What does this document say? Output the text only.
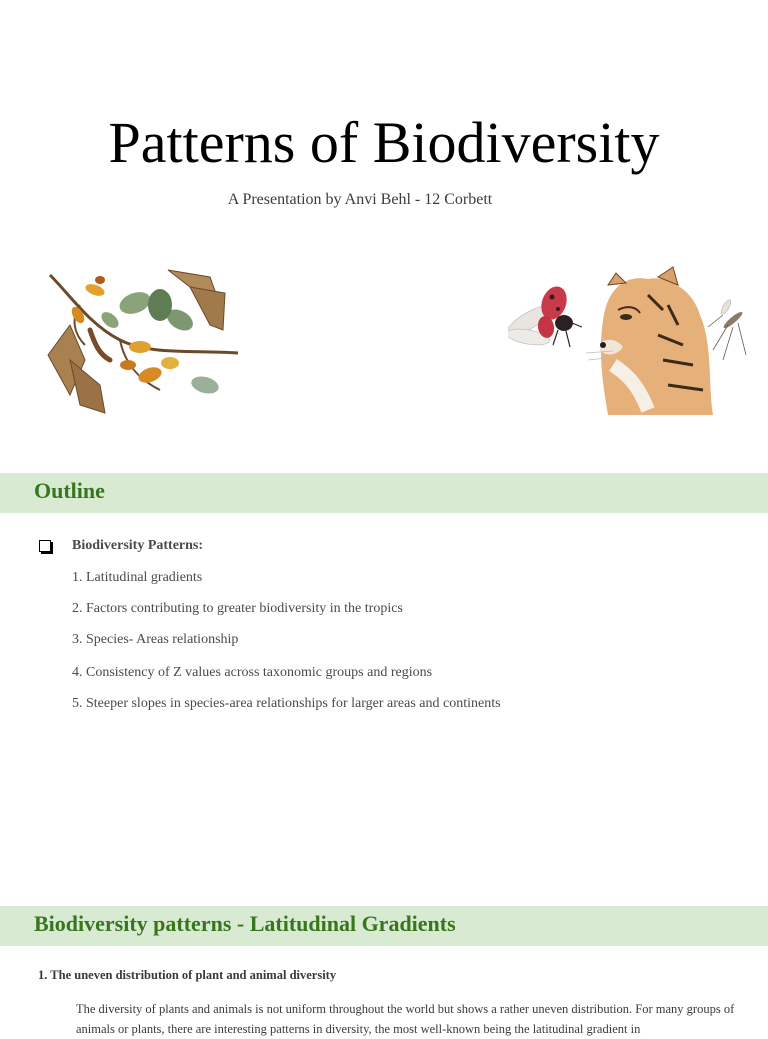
Patterns of Biodiversity
A Presentation by Anvi Behl - 12 Corbett
Outline
Biodiversity Patterns:
1. Latitudinal gradients
2. Factors contributing to greater biodiversity in the tropics
3. Species- Areas relationship
4. Consistency of Z values across taxonomic groups and regions
5. Steeper slopes in species-area relationships for larger areas and continents
Biodiversity patterns - Latitudinal Gradients
1. The uneven distribution of plant and animal diversity
The diversity of plants and animals is not uniform throughout the world but shows a rather uneven distribution. For many groups of animals or plants, there are interesting patterns in diversity, the most well-known being the latitudinal gradient in
